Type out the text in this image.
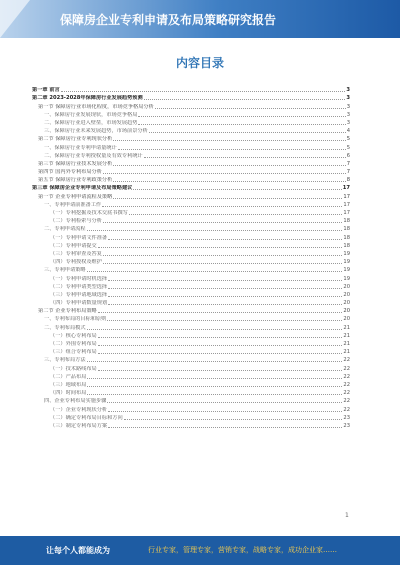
保障房企业专利申请及布局策略研究报告
内容目录
第一章 前言	3
第二章 2023-2028年保障房行业发展趋势预测	3
第一节 保障房行业市场化程度，市场竞争格局分析	3
一、保障房行业发展现状，市场竞争格局	3
二、保障房行业进入壁垒，市场发展趋势	3
三、保障房行业未来发展趋势，市场前景分析	4
第二节 保障房行业专利现状分析	5
一、保障房行业专利申请量统计	5
二、保障房行业专利授权量及有效专利统计	6
第三节 保障房行业技术发展分析	7
第四节 国内外专利布局分析	7
第五节 保障房行业专利政策分析	8
第三章 保障房企业专利申请及布局策略建议	17
第一节 企业专利申请流程及策略	17
一、专利申请前准备工作	17
（一）专利挖掘及技术交底书撰写	17
（二）专利检索与分析	18
二、专利申请流程	18
（一）专利申请文件准备	18
（二）专利申请提交	18
（三）专利审查及答复	19
（四）专利授权及维护	19
三、专利申请策略	19
（一）专利申请时机选择	19
（二）专利申请类型选择	20
（三）专利申请地域选择	20
（四）专利申请数量规划	20
第二节 企业专利布局策略	20
一、专利布局的目标和原则	20
二、专利布局模式	21
（一）核心专利布局	21
（二）外围专利布局	21
（三）组合专利布局	21
三、专利布局方法	22
（一）技术路线布局	22
（二）产品布局	22
（三）地域布局	22
（四）时间布局	22
四、企业专利布局实施步骤	22
（一）企业专利现状分析	22
（二）确定专利布局目标和方向	23
（三）制定专利布局方案	23
1
让每个人都能成为	行业专家，管理专家，营销专家，战略专家，成功企业家……
